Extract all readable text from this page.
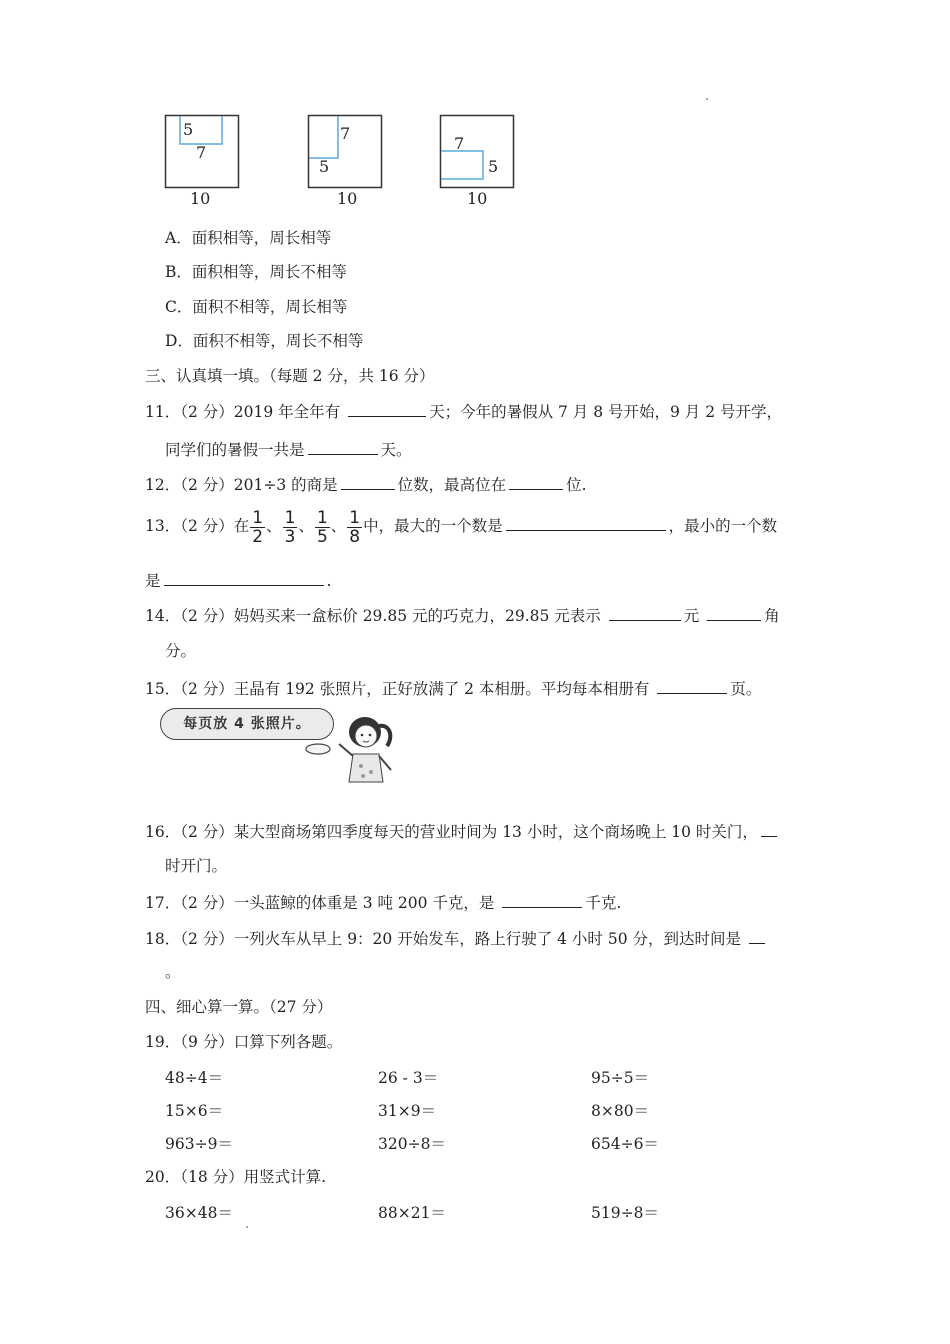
5
7
10
7
5
10
7
5
10
A．面积相等，周长相等
B．面积相等，周长不相等
C．面积不相等，周长相等
D．面积不相等，周长不相等
三、认真填一填。（每题 2 分，共 16 分）
11．（2 分）2019 年全年有	天；今年的暑假从 7 月 8 号开始，9 月 2 号开学，
同学们的暑假一共是	天。
12．（2 分）201÷3 的商是	位数，最高位在	位.
13．（2 分）在 $\frac{1}{2}$ 、 $\frac{1}{3}$ 、 $\frac{1}{5}$ 、 $\frac{1}{8}$ 中，最大的一个数是	，最小的一个数
是	.
14．（2 分）妈妈买来一盒标价 29.85 元的巧克力，29.85 元表示	元	角
分。
15．（2 分）王晶有 192 张照片，正好放满了 2 本相册。平均每本相册有	页。
每页放 4 张照片。
16．（2 分）某大型商场第四季度每天的营业时间为 13 小时，这个商场晚上 10 时关门，
时开门。
17．（2 分）一头蓝鲸的体重是 3 吨 200 千克，是	千克.
18．（2 分）一列火车从早上 9：20 开始发车，路上行驶了 4 小时 50 分，到达时间是
。
四、细心算一算。（27 分）
19．（9 分）口算下列各题。
48÷4＝	26 - 3＝	95÷5＝
15×6＝	31×9＝	8×80＝
963÷9＝	320÷8＝	654÷6＝
20．（18 分）用竖式计算.
36×48＝	88×21＝	519÷8＝
